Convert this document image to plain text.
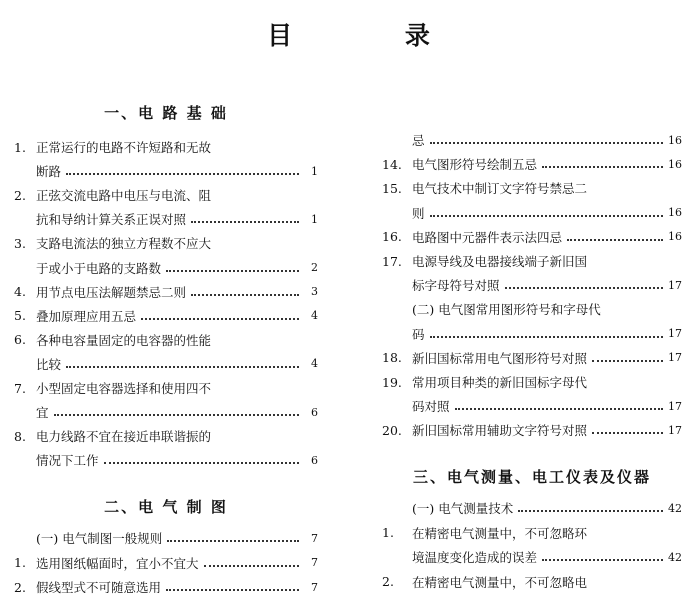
目 录
一、电 路 基 础
1. 正常运行的电路不许短路和无故
断路	1
2. 正弦交流电路中电压与电流、阻
抗和导纳计算关系正误对照	1
3. 支路电流法的独立方程数不应大
于或小于电路的支路数	2
4. 用节点电压法解题禁忌二则	3
5. 叠加原理应用五忌	4
6. 各种电容量固定的电容器的性能
比较	4
7. 小型固定电容器选择和使用四不
宜	6
8. 电力线路不宜在接近串联谐振的
情况下工作	6
二、电 气 制 图
(一) 电气制图一般规则	7
1. 选用图纸幅面时，宜小不宜大	7
2. 假线型式不可随意选用	7
忌	16
14. 电气图形符号绘制五忌	16
15. 电气技术中制订文字符号禁忌二
则	16
16. 电路图中元器件表示法四忌	16
17. 电源导线及电器接线端子新旧国
标字母符号对照	17
(二) 电气图常用图形符号和字母代
码	17
18. 新旧国标常用电气图形符号对照	17
19. 常用项目种类的新旧国标字母代
码对照	17
20. 新旧国标常用辅助文字符号对照	17
三、电气测量、电工仪表及仪器
(一) 电气测量技术	42
1.	在精密电气测量中，不可忽略环
境温度变化造成的误差	42
2.	在精密电气测量中，不可忽略电
